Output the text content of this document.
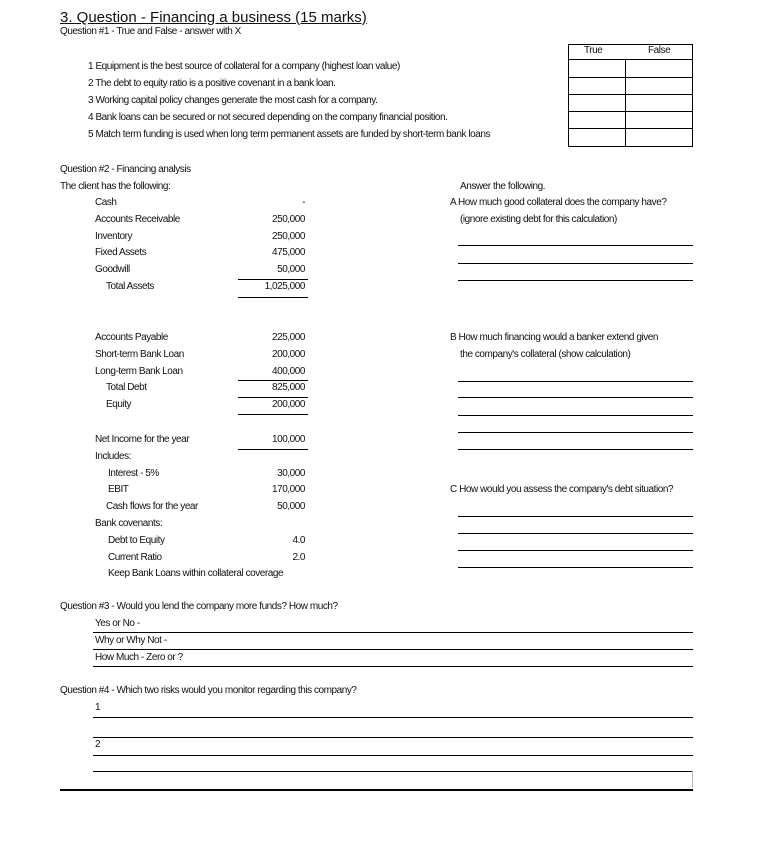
3. Question - Financing a business (15 marks)
Question #1 - True and False - answer with X
1 Equipment is the best source of collateral for a company (highest loan value)
2 The debt to equity ratio is a positive covenant in a bank loan.
3 Working capital policy changes generate the most cash for a company.
4 Bank loans can be secured or not secured depending on the company financial position.
5 Match term funding is used when long term permanent assets are funded by short-term bank loans
True	False
Question #2 - Financing analysis
The client has the following:
Cash	-
Accounts Receivable	250,000
Inventory	250,000
Fixed Assets	475,000
Goodwill	50,000
Total Assets	1,025,000
Accounts Payable	225,000
Short-term Bank Loan	200,000
Long-term Bank Loan	400,000
Total Debt	825,000
Equity	200,000
Net Income for the year	100,000
Includes:
Interest - 5%	30,000
EBIT	170,000
Cash flows for the year	50,000
Bank covenants:
Debt to Equity	4.0
Current Ratio	2.0
Keep Bank Loans within collateral coverage
Answer the following.
A How much good collateral does the company have?
(ignore existing debt for this calculation)
B How much financing would a banker extend given
the company's collateral (show calculation)
C How would you assess the company's debt situation?
Question #3 - Would you lend the company more funds? How much?
Yes or No -
Why or Why Not -
How Much - Zero or ?
Question #4 - Which two risks would you monitor regarding this company?
1
2
